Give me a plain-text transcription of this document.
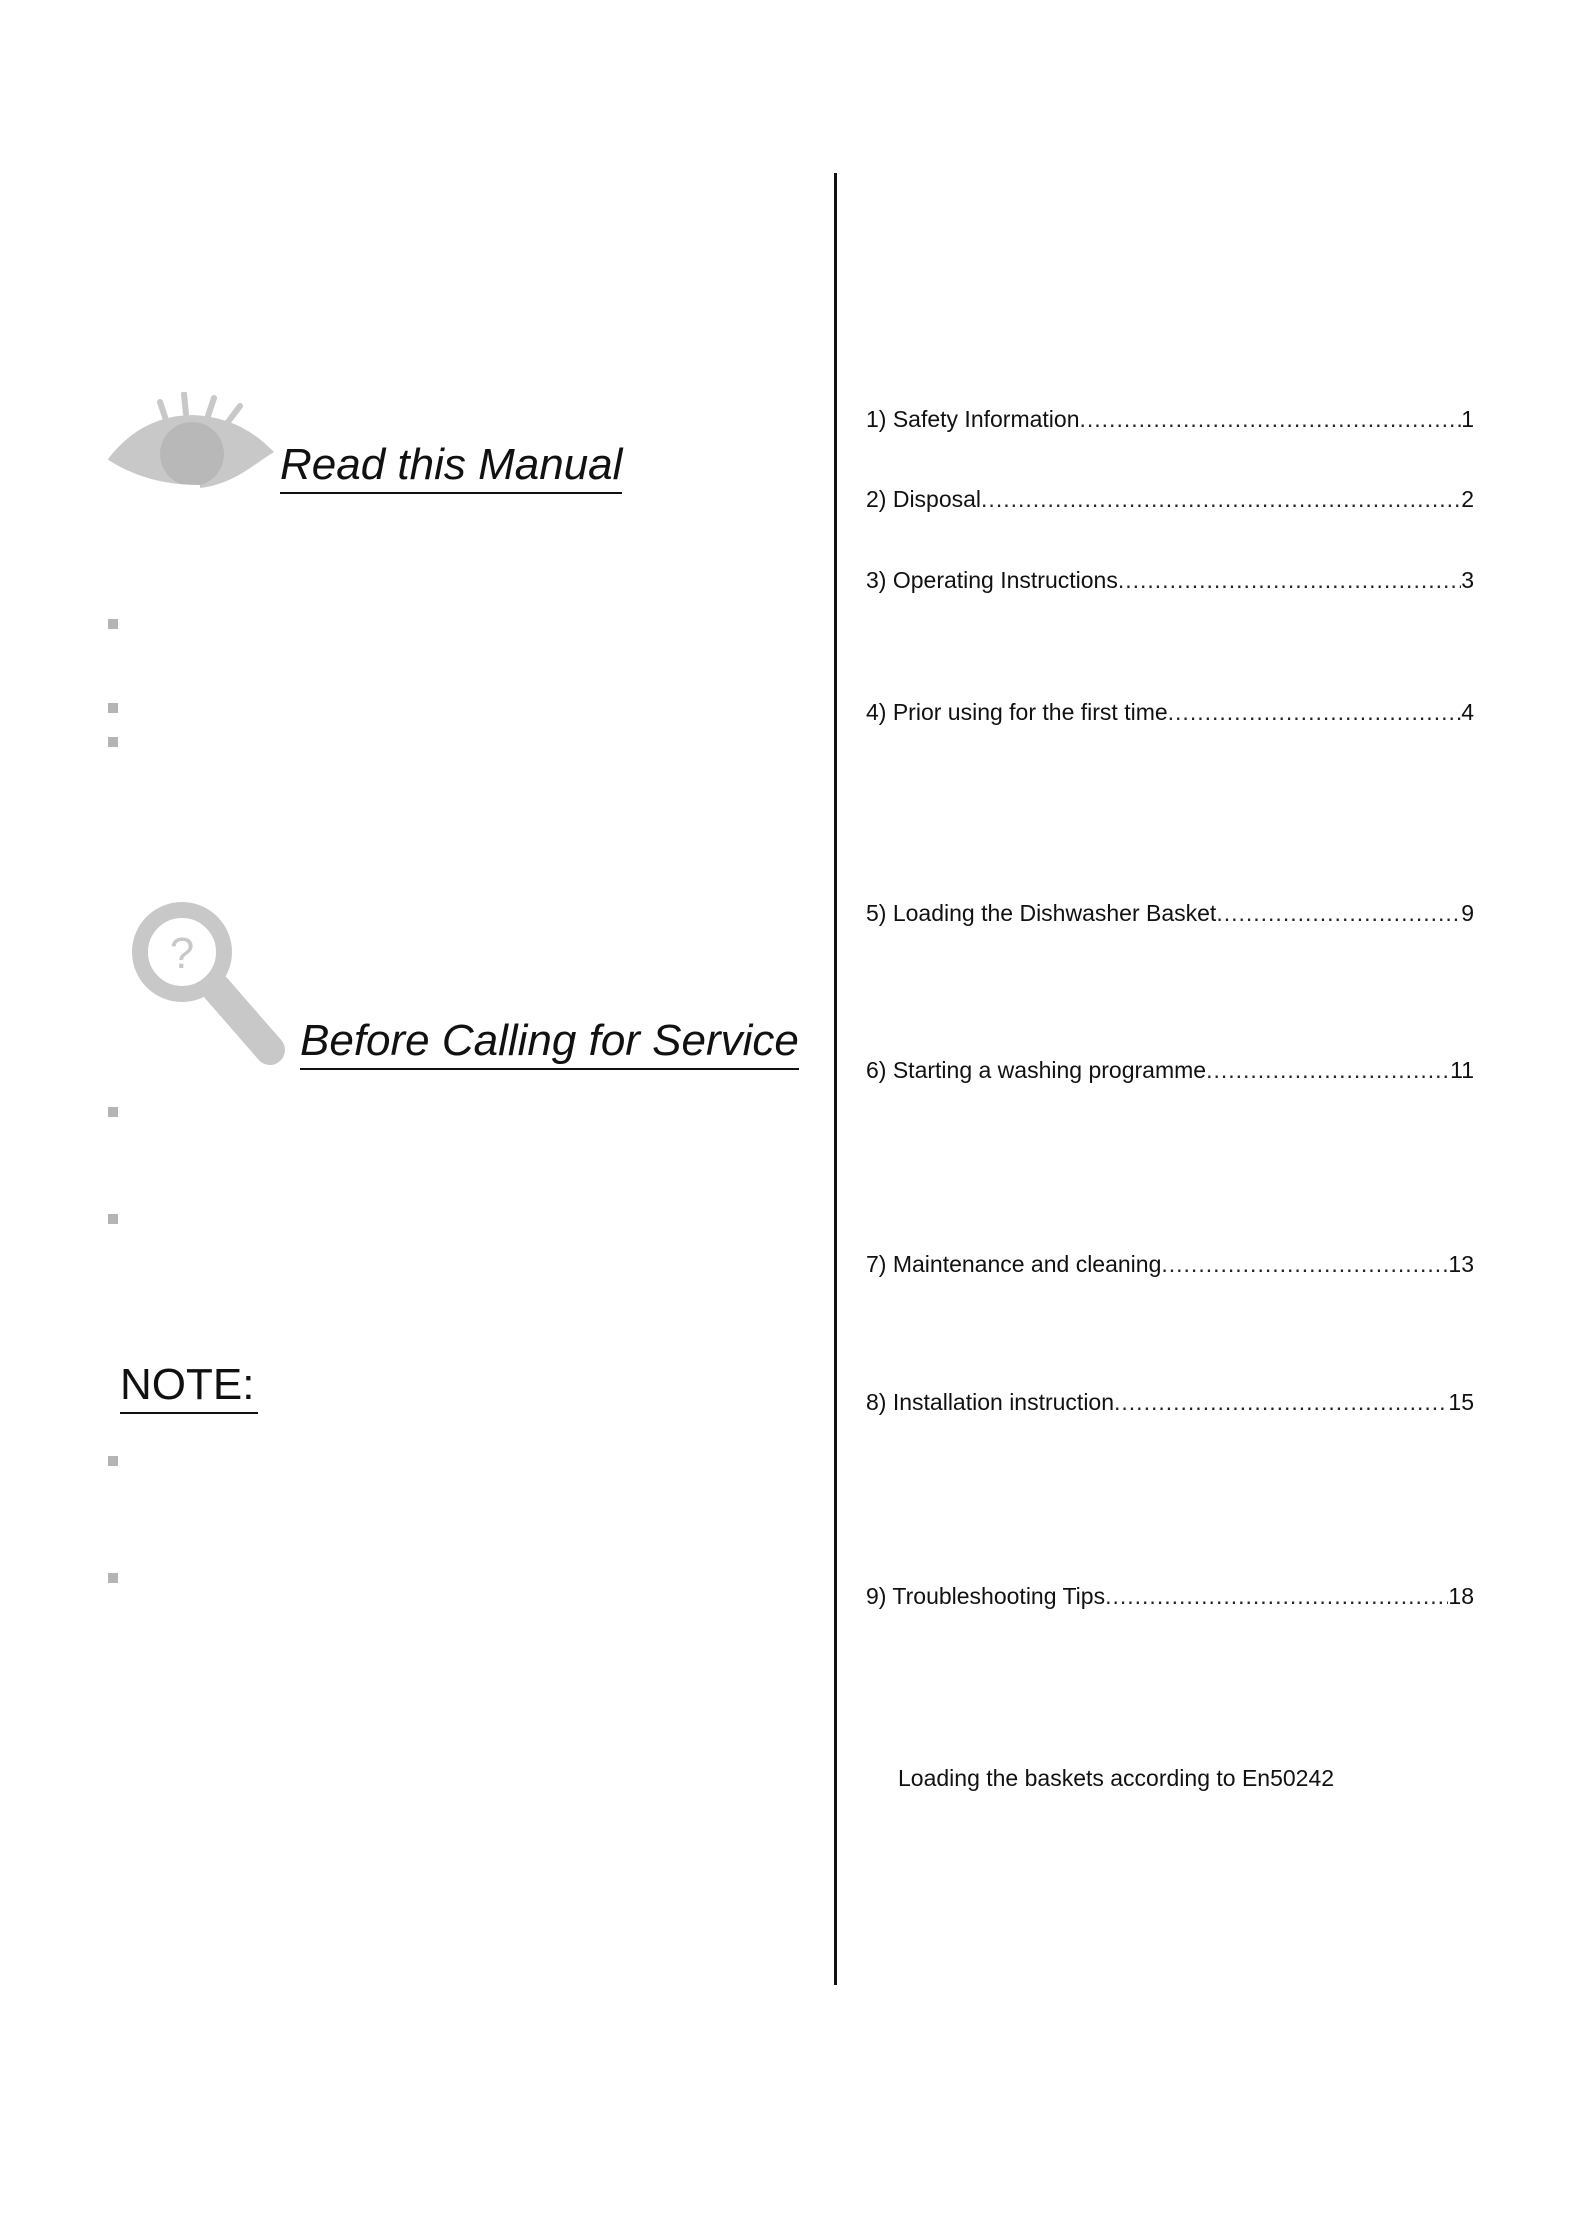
Read this Manual
?
Before Calling for Service
NOTE:
1) Safety Information .....	1
2) Disposal .....	2
3) Operating Instructions .....	3
4) Prior using for the first time .....	4
5) Loading the Dishwasher Basket .....	9
6) Starting a washing programme .....	11
7) Maintenance and cleaning .....	13
8) Installation instruction .....	15
9) Troubleshooting Tips .....	18
Loading the baskets according to En50242
